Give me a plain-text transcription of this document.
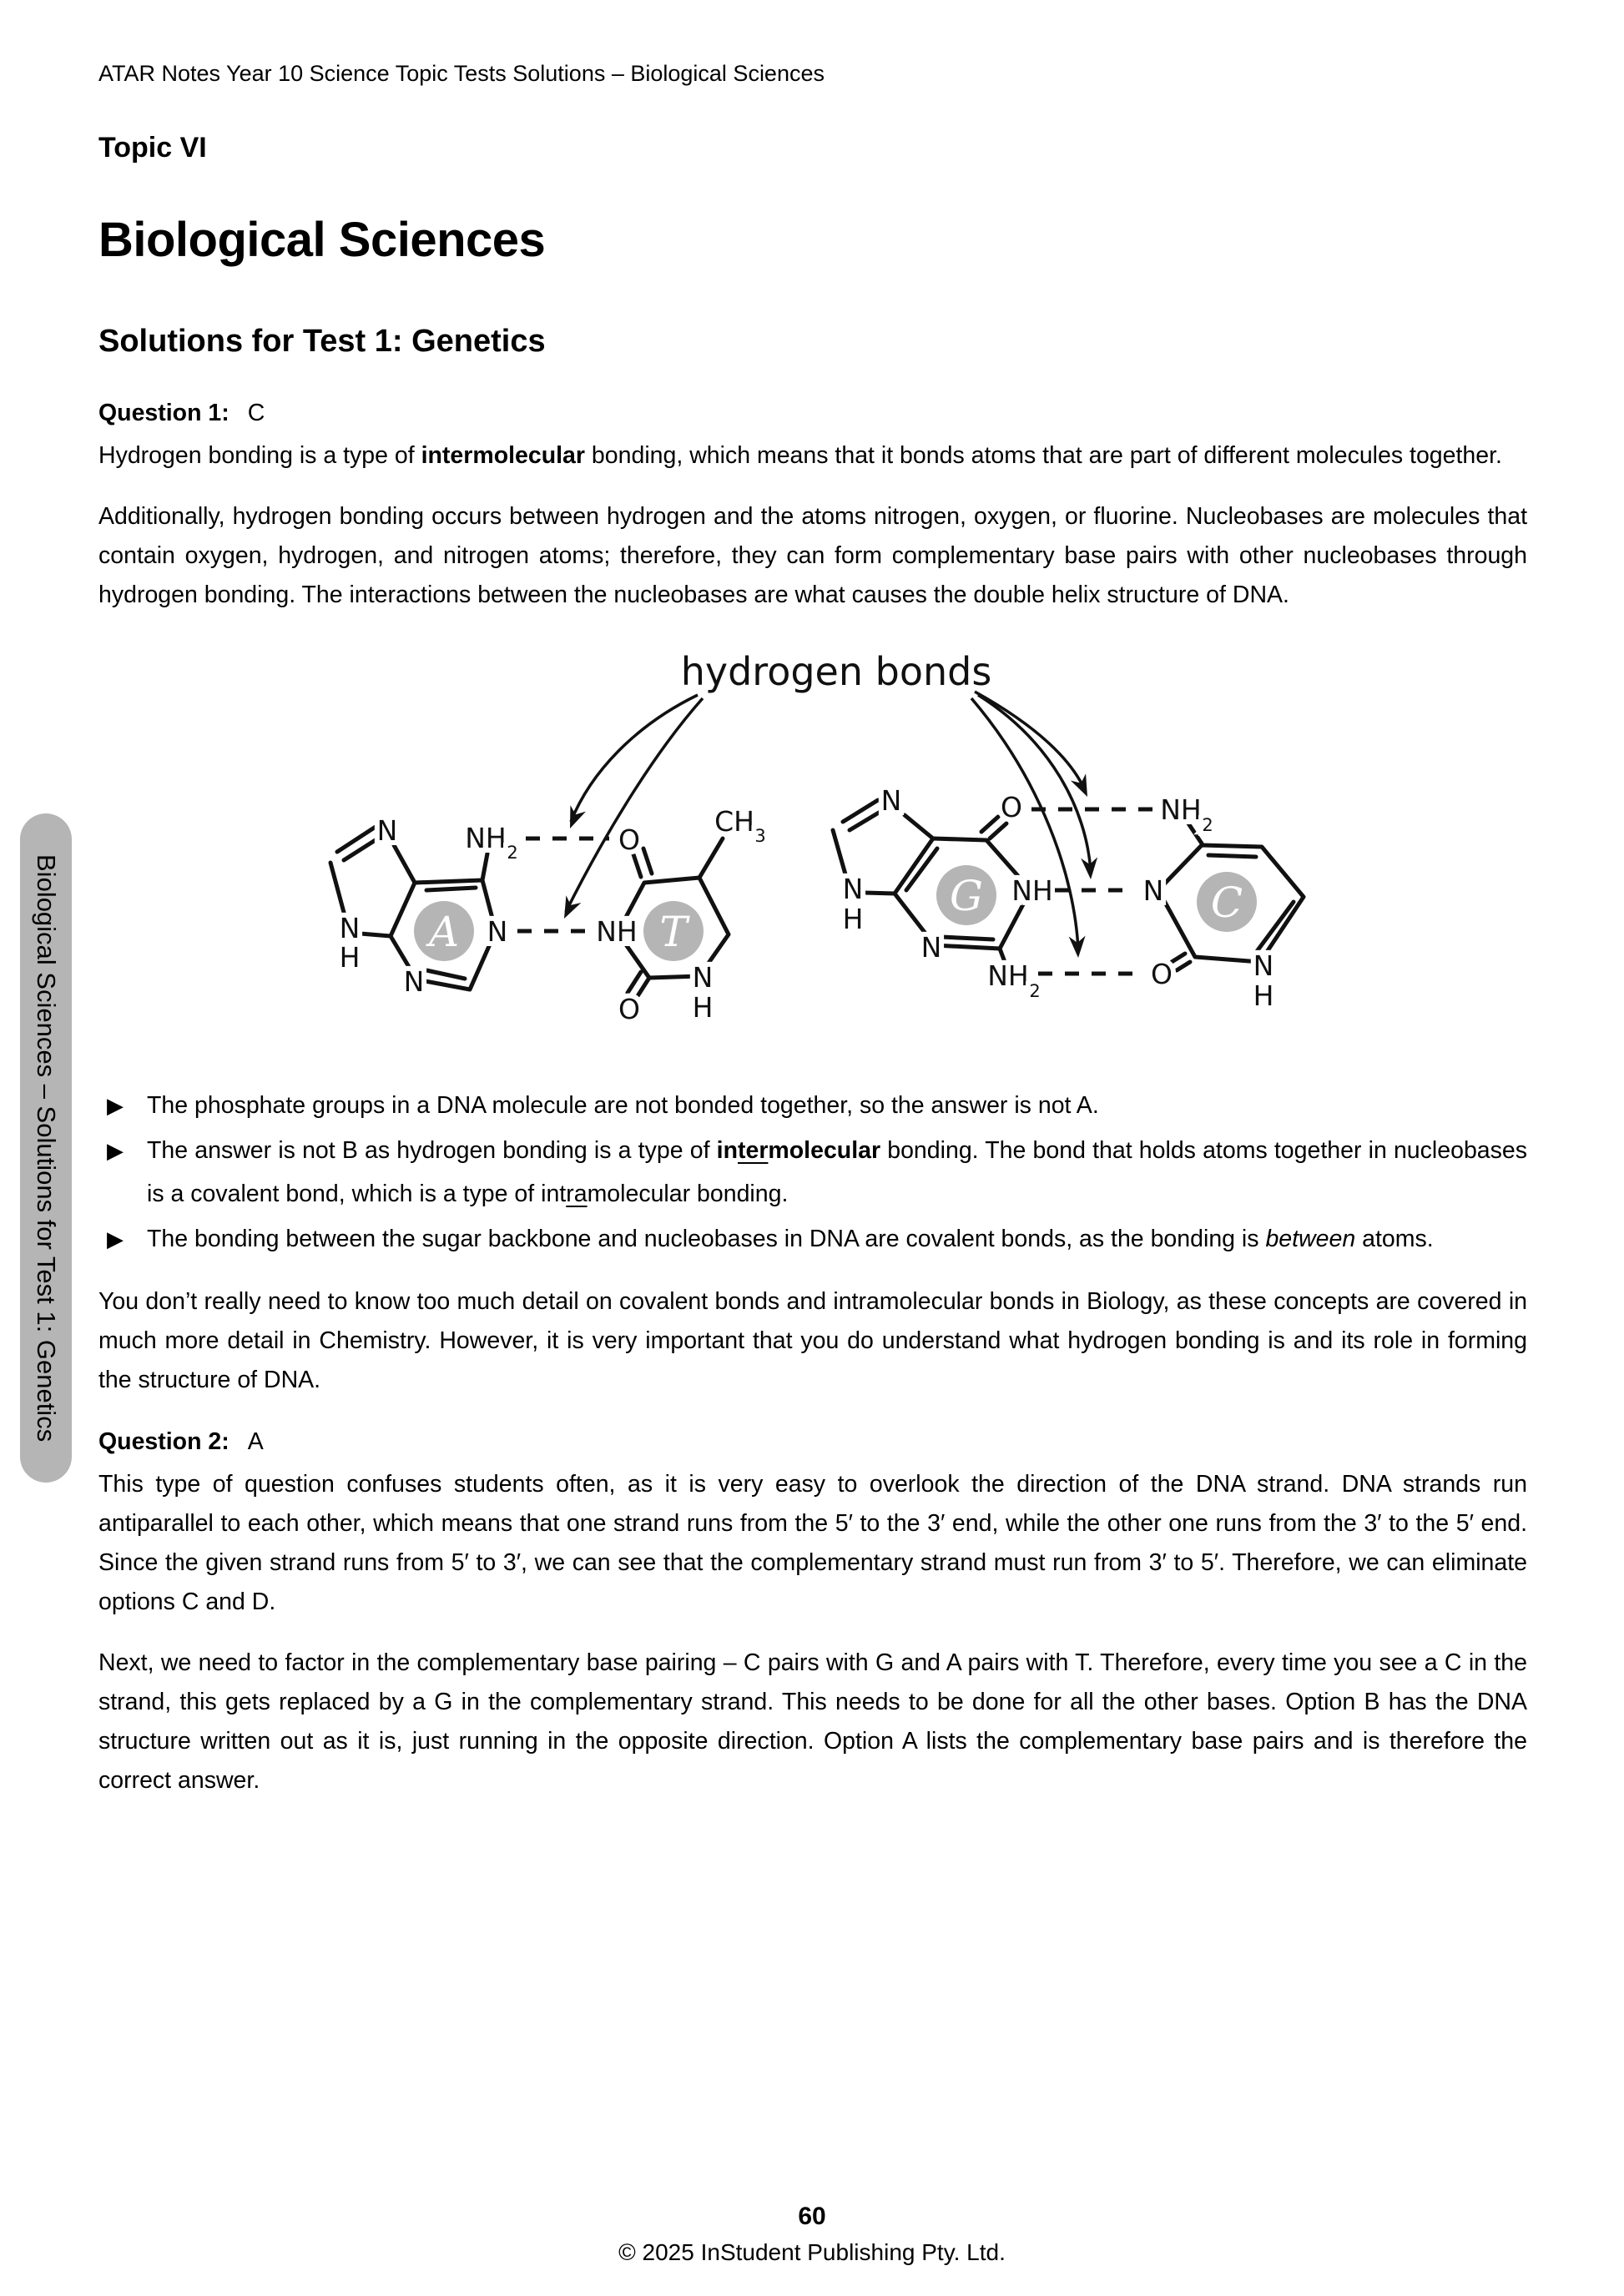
ATAR Notes Year 10 Science Topic Tests Solutions – Biological Sciences

Topic VI
Biological Sciences
Solutions for Test 1: Genetics
Question 1: C

Hydrogen bonding is a type of intermolecular bonding, which means that it bonds atoms that are part of different molecules together.

Additionally, hydrogen bonding occurs between hydrogen and the atoms nitrogen, oxygen, or fluorine. Nucleobases are molecules that contain oxygen, hydrogen, and nitrogen atoms; therefore, they can form complementary base pairs with other nucleobases through hydrogen bonding. The interactions between the nucleobases are what causes the double helix structure of DNA.

hydrogen bonds
A
N
N
H
N
N
NH 2
T
O
NH
CH 3
O
N
H
G
N
N
H
O
NH
N
NH 2
C
NH 2
N
O	N
H
▶ The phosphate groups in a DNA molecule are not bonded together, so the answer is not A.
▶ The answer is not B as hydrogen bonding is a type of intermolecular bonding. The bond that holds atoms together in nucleobases is a covalent bond, which is a type of intramolecular bonding.
▶ The bonding between the sugar backbone and nucleobases in DNA are covalent bonds, as the bonding is between atoms.

You don’t really need to know too much detail on covalent bonds and intramolecular bonds in Biology, as these concepts are covered in much more detail in Chemistry. However, it is very important that you do understand what hydrogen bonding is and its role in forming the structure of DNA.

Question 2: A

This type of question confuses students often, as it is very easy to overlook the direction of the DNA strand. DNA strands run antiparallel to each other, which means that one strand runs from the 5′ to the 3′ end, while the other one runs from the 3′ to the 5′ end. Since the given strand runs from 5′ to 3′, we can see that the complementary strand must run from 3′ to 5′. Therefore, we can eliminate options C and D.

Next, we need to factor in the complementary base pairing – C pairs with G and A pairs with T. Therefore, every time you see a C in the strand, this gets replaced by a G in the complementary strand. This needs to be done for all the other bases. Option B has the DNA structure written out as it is, just running in the opposite direction. Option A lists the complementary base pairs and is therefore the correct answer.

Biological Sciences – Solutions for Test 1: Genetics
60
© 2025 InStudent Publishing Pty. Ltd.
